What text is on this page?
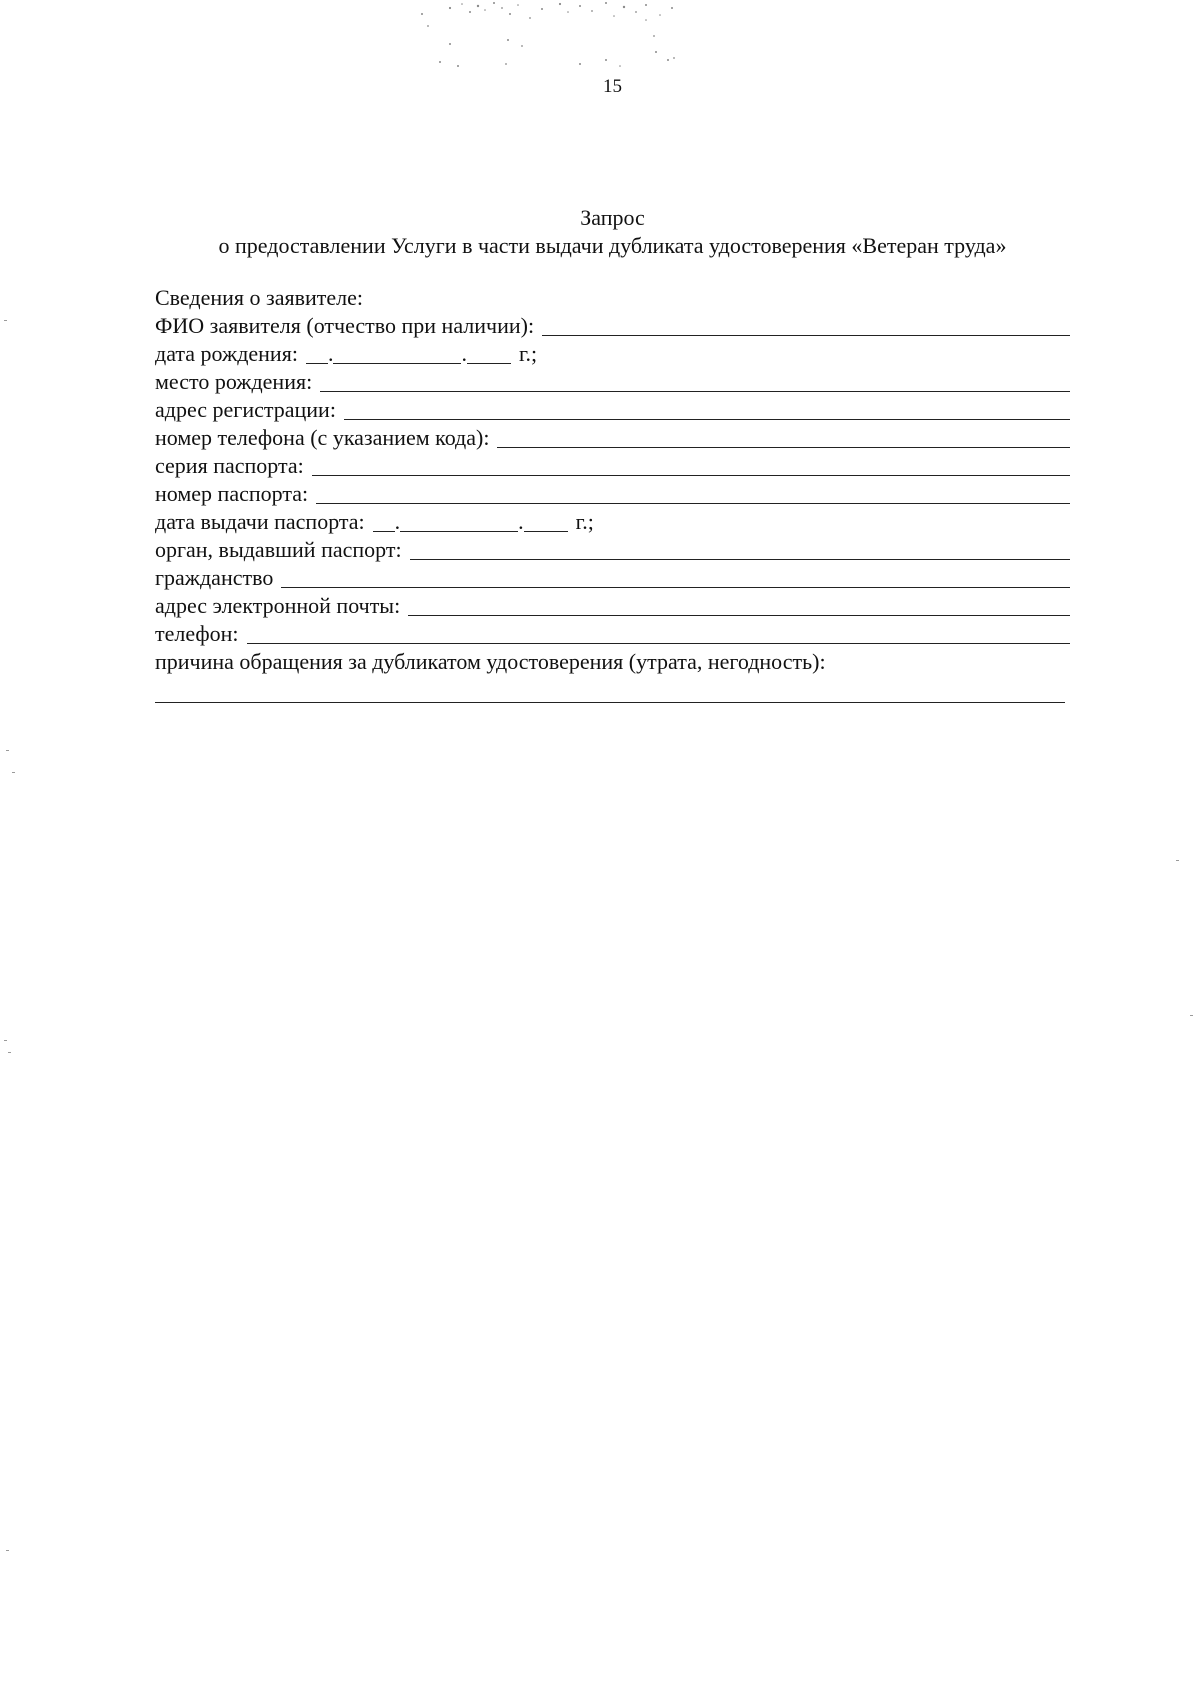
15
Запрос
о предоставлении Услуги в части выдачи дубликата удостоверения «Ветеран труда»
Сведения о заявителе:
ФИО заявителя (отчество при наличии):
дата рождения:	.	.	г.;
место рождения:
адрес регистрации:
номер телефона (с указанием кода):
серия паспорта:
номер паспорта:
дата выдачи паспорта:	.	.	г.;
орган, выдавший паспорт:
гражданство
адрес электронной почты:
телефон:
причина обращения за дубликатом удостоверения (утрата, негодность):
